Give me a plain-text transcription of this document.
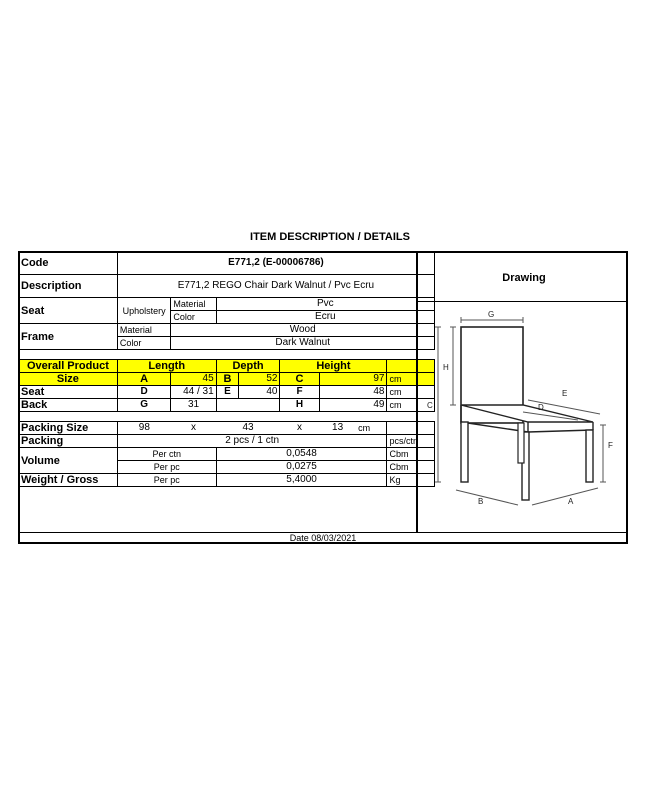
ITEM DESCRIPTION / DETAILS
Code	E771,2 (E-00006786)							
Description	E771,2 REGO Chair Dark Walnut / Pvc Ecru							
Seat	Upholstery	Material	Pvc					
		Color	Ecru					
Frame	Material	Wood						
	Color	Dark Walnut						

Overall Product	Length		Depth		Height			
Size	A	45	B	52	C	97		cm
Seat	D	44 / 31	E	40	F	48		cm
Back	G	31			H	49		cm

Packing Size	98	x	43		x	13	cm	
Packing	2 pcs / 1 ctn							pcs/ctn
Volume	Per ctn		0,0548					Cbm
	Per pc		0,0275					Cbm
Weight / Gross	Per pc		5,4000					Kg
Drawing
G
H
C
E
D
F
B	A
Date 08/03/2021
